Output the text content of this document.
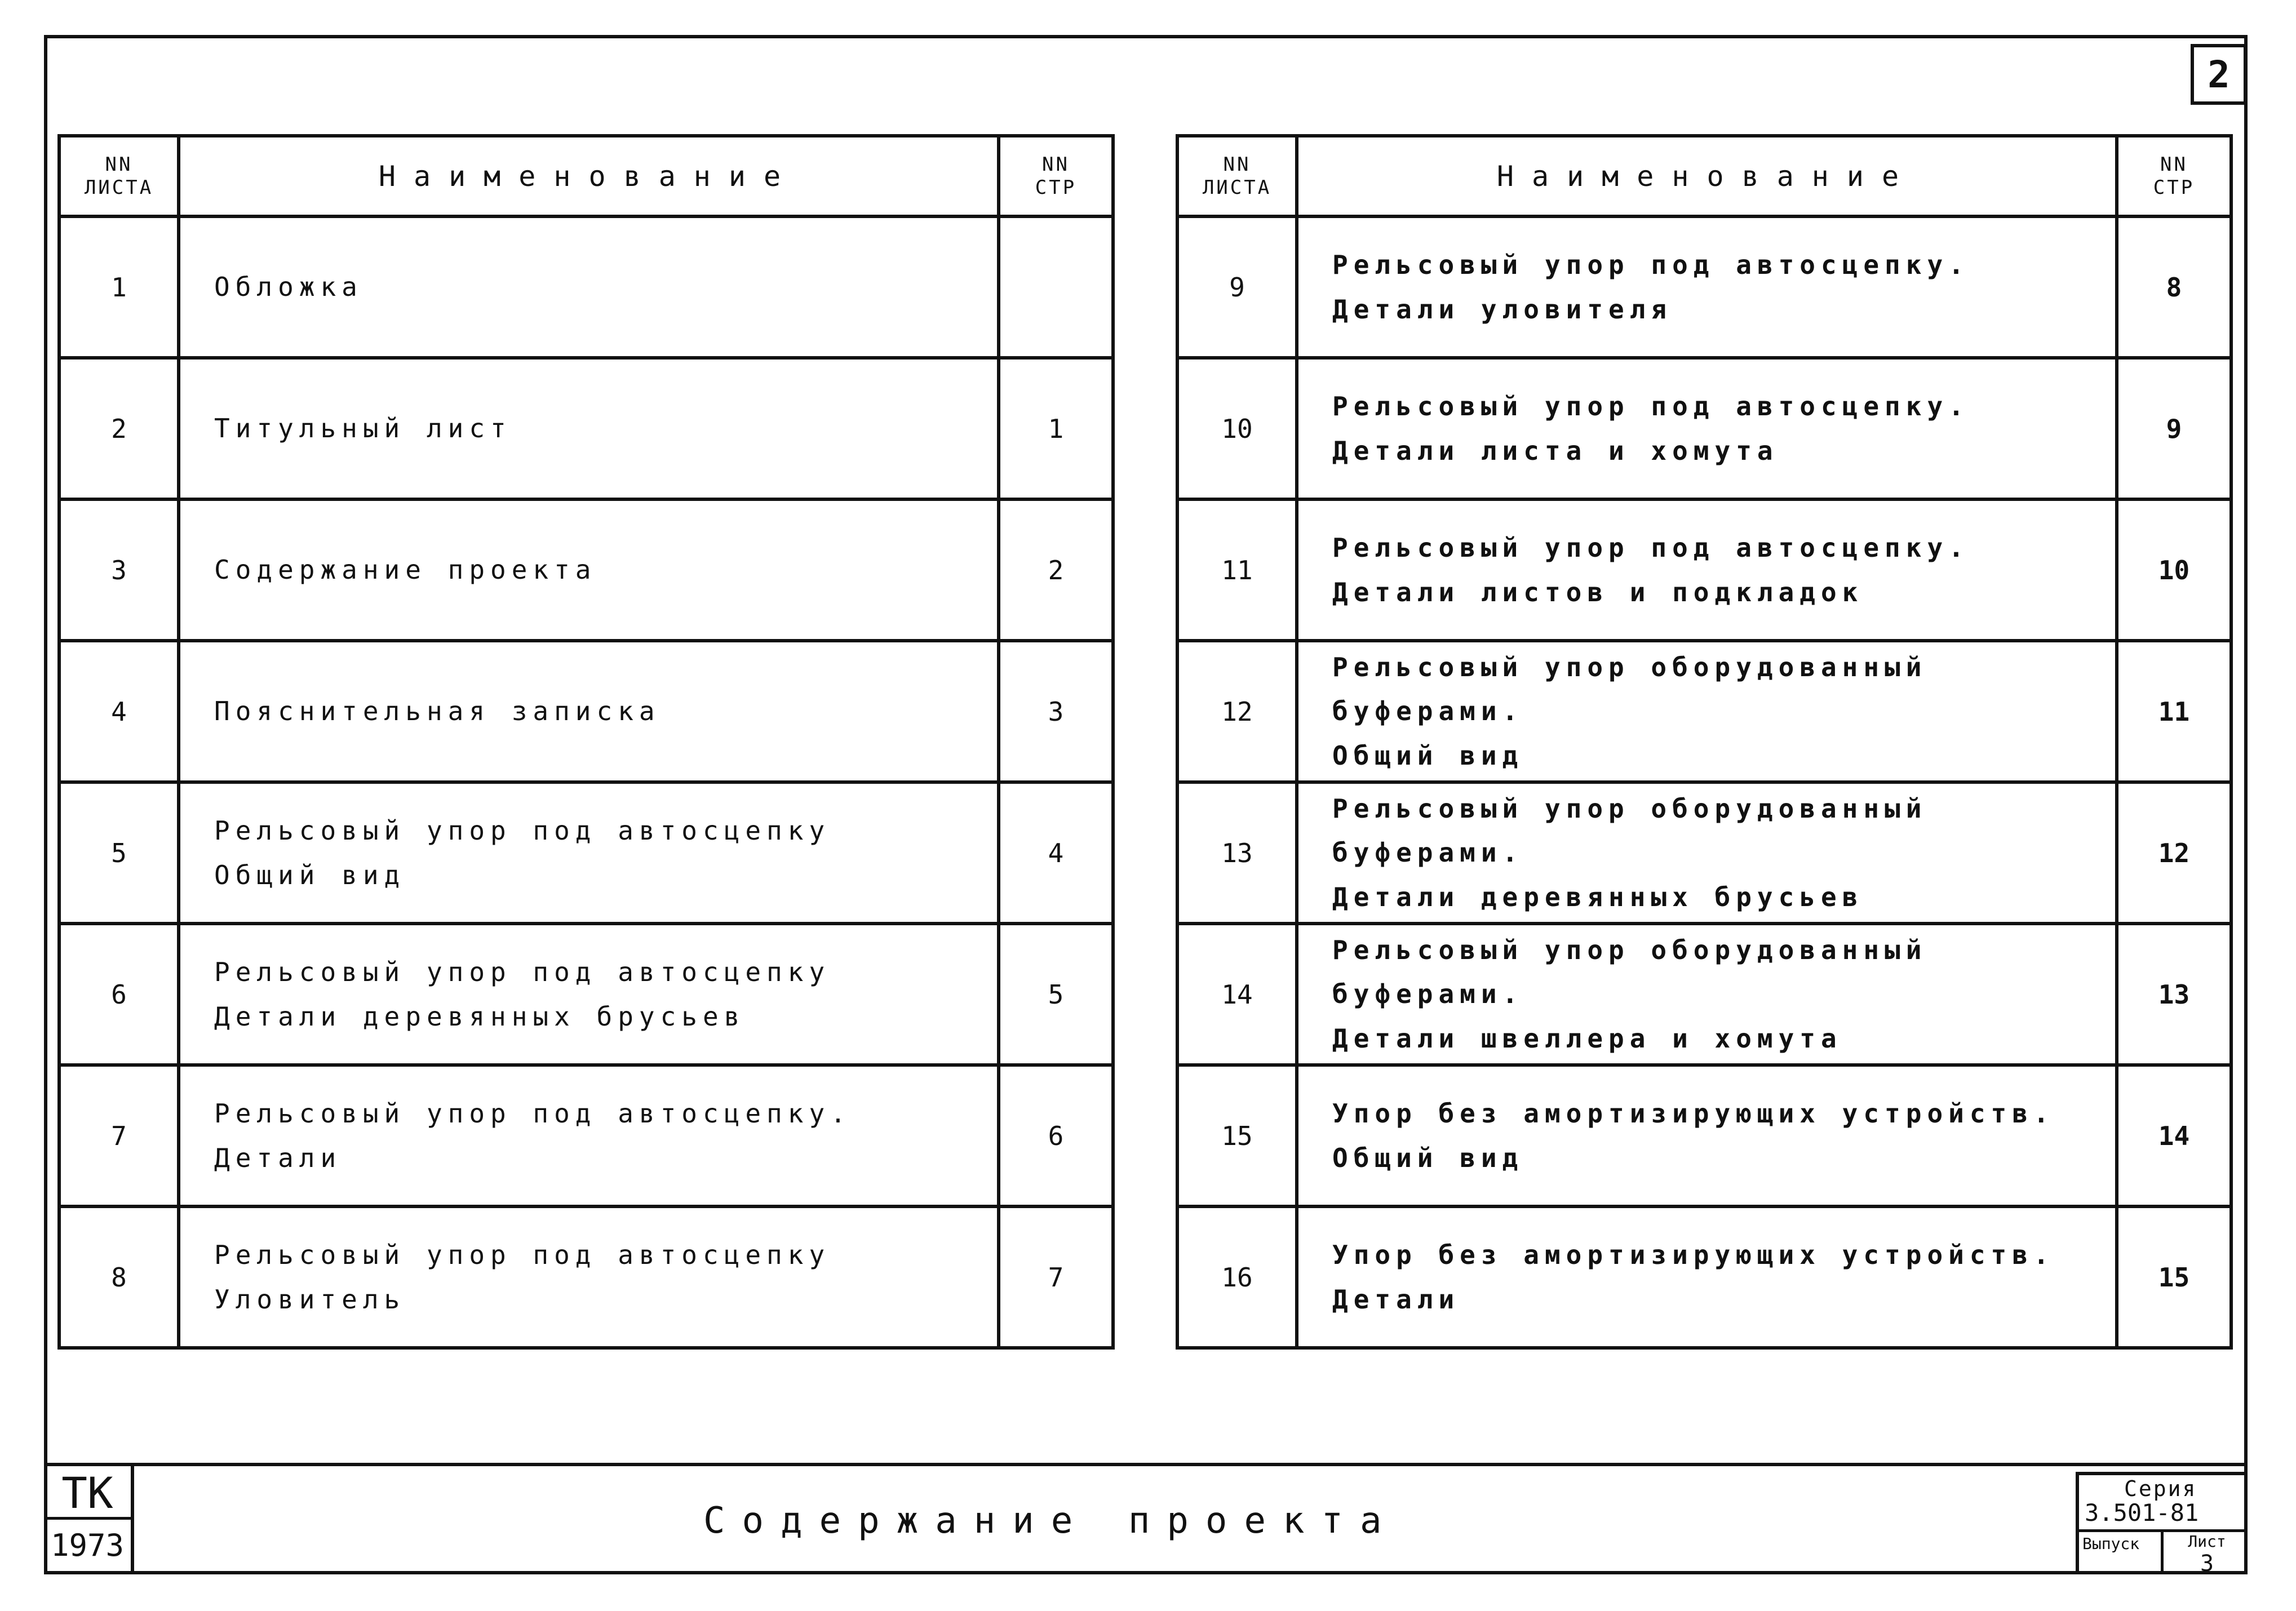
2
NN
ЛИСТА	Наименование	NN
СТР

1	Обложка	

2	Титульный лист	1
3	Содержание проекта	2
4	Пояснительная записка	3
5	Рельсовый упор под автосцепку
Общий вид	4
6	Рельсовый упор под автосцепку
Детали деревянных брусьев	5
7	Рельсовый упор под автосцепку.
Детали	6
8	Рельсовый упор под автосцепку
Уловитель	7
NN
ЛИСТА	Наименование	NN
СТР

9	Рельсовый упор под автосцепку.
Детали уловителя	8
10	Рельсовый упор под автосцепку.
Детали листа и хомута	9
11	Рельсовый упор под автосцепку.
Детали листов и подкладок	10
12	Рельсовый упор оборудованный буферами.
Общий вид	11
13	Рельсовый упор оборудованный буферами.
Детали деревянных брусьев	12
14	Рельсовый упор оборудованный буферами.
Детали швеллера и хомута	13
15	Упор без амортизирующих устройств.
Общий вид	14
16	Упор без амортизирующих устройств.
Детали	15
ТК
1973
Содержание проекта
Серия
3.501-81
Выпуск	Лист
3
